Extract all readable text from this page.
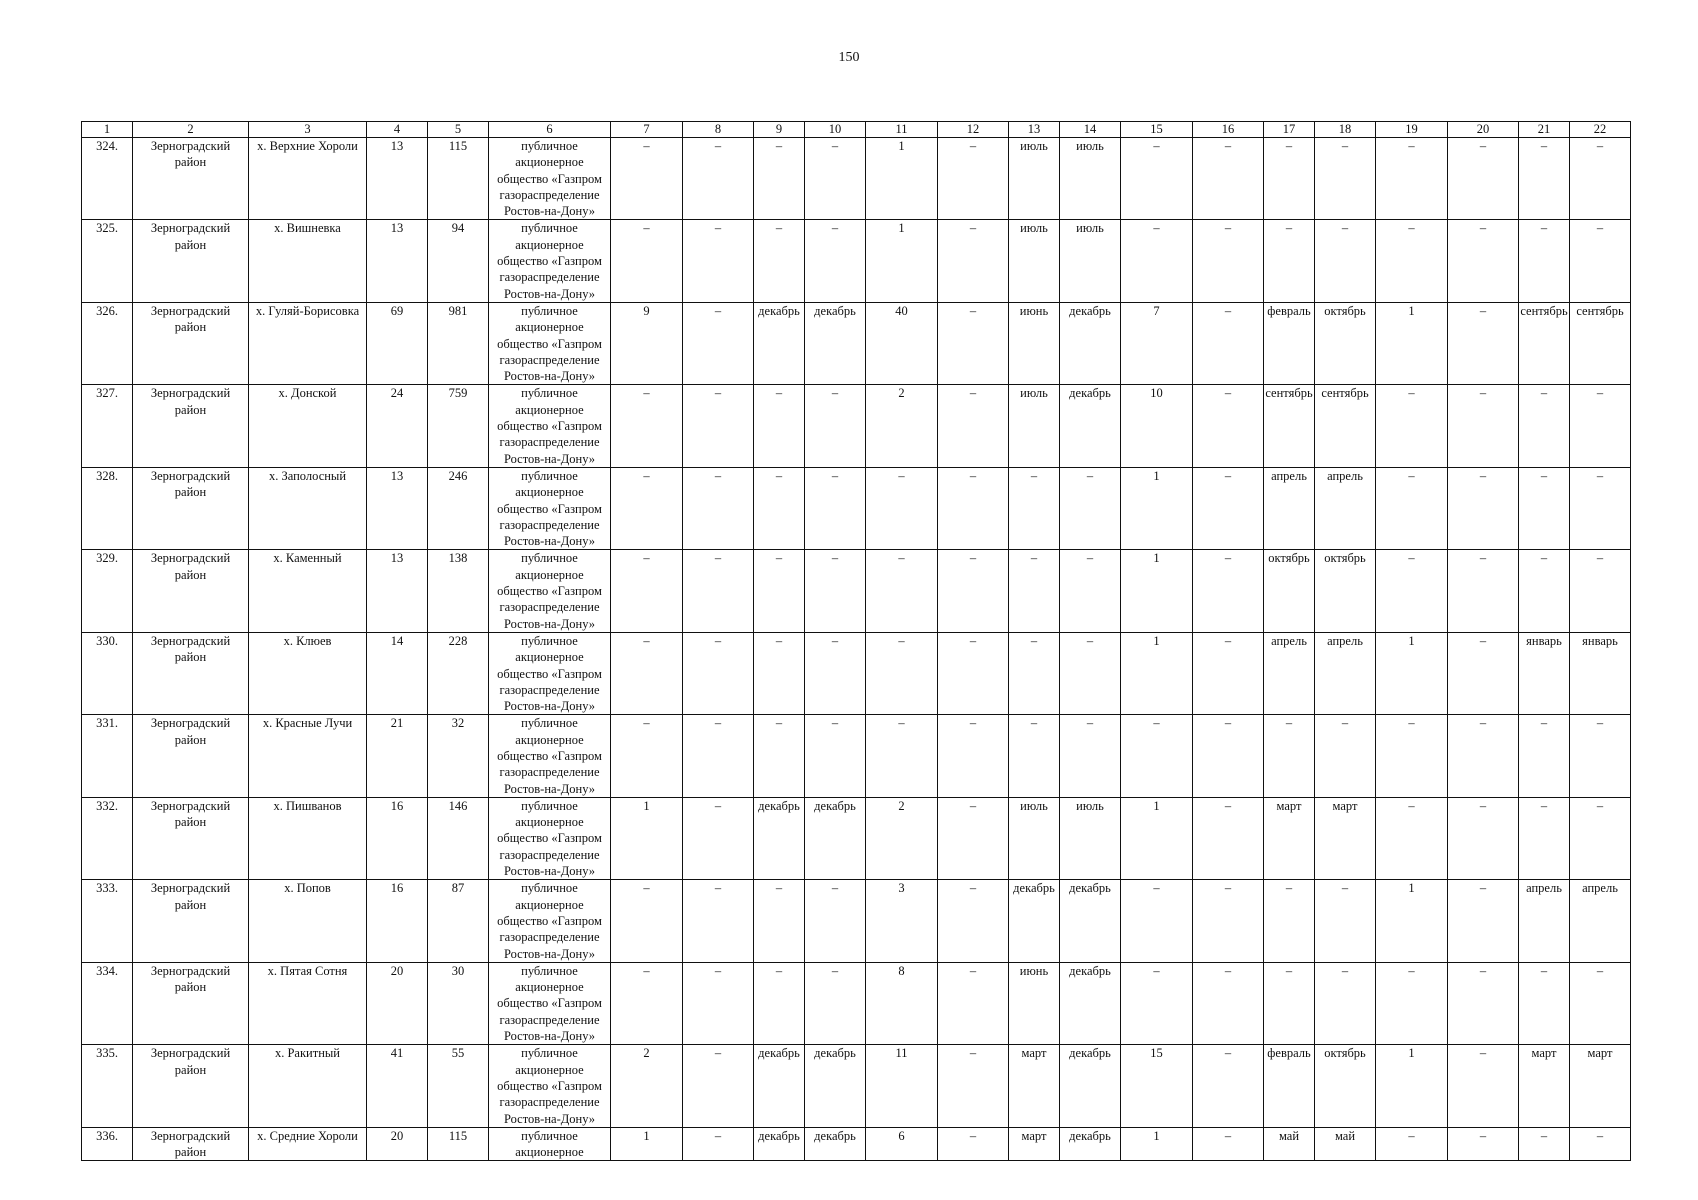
150
1	2	3	4	5	6	7	8	9	10	11	12	13	14	15	16	17	18	19	20	21	22
324.	Зерноградский район	х. Верхние Хороли	13	115	публичное акционерное общество «Газпром газораспределение Ростов-на-Дону»	–	–	–	–	1	–	июль	июль	–	–	–	–	–	–	–	–
325.	Зерноградский район	х. Вишневка	13	94	публичное акционерное общество «Газпром газораспределение Ростов-на-Дону»	–	–	–	–	1	–	июль	июль	–	–	–	–	–	–	–	–
326.	Зерноградский район	х. Гуляй-Борисовка	69	981	публичное акционерное общество «Газпром газораспределение Ростов-на-Дону»	9	–	декабрь	декабрь	40	–	июнь	декабрь	7	–	февраль	октябрь	1	–	сентябрь	сентябрь
327.	Зерноградский район	х. Донской	24	759	публичное акционерное общество «Газпром газораспределение Ростов-на-Дону»	–	–	–	–	2	–	июль	декабрь	10	–	сентябрь	сентябрь	–	–	–	–
328.	Зерноградский район	х. Заполосный	13	246	публичное акционерное общество «Газпром газораспределение Ростов-на-Дону»	–	–	–	–	–	–	–	–	1	–	апрель	апрель	–	–	–	–
329.	Зерноградский район	х. Каменный	13	138	публичное акционерное общество «Газпром газораспределение Ростов-на-Дону»	–	–	–	–	–	–	–	–	1	–	октябрь	октябрь	–	–	–	–
330.	Зерноградский район	х. Клюев	14	228	публичное акционерное общество «Газпром газораспределение Ростов-на-Дону»	–	–	–	–	–	–	–	–	1	–	апрель	апрель	1	–	январь	январь
331.	Зерноградский район	х. Красные Лучи	21	32	публичное акционерное общество «Газпром газораспределение Ростов-на-Дону»	–	–	–	–	–	–	–	–	–	–	–	–	–	–	–	–
332.	Зерноградский район	х. Пишванов	16	146	публичное акционерное общество «Газпром газораспределение Ростов-на-Дону»	1	–	декабрь	декабрь	2	–	июль	июль	1	–	март	март	–	–	–	–
333.	Зерноградский район	х. Попов	16	87	публичное акционерное общество «Газпром газораспределение Ростов-на-Дону»	–	–	–	–	3	–	декабрь	декабрь	–	–	–	–	1	–	апрель	апрель
334.	Зерноградский район	х. Пятая Сотня	20	30	публичное акционерное общество «Газпром газораспределение Ростов-на-Дону»	–	–	–	–	8	–	июнь	декабрь	–	–	–	–	–	–	–	–
335.	Зерноградский район	х. Ракитный	41	55	публичное акционерное общество «Газпром газораспределение Ростов-на-Дону»	2	–	декабрь	декабрь	11	–	март	декабрь	15	–	февраль	октябрь	1	–	март	март
336.	Зерноградский район	х. Средние Хороли	20	115	публичное акционерное	1	–	декабрь	декабрь	6	–	март	декабрь	1	–	май	май	–	–	–	–
